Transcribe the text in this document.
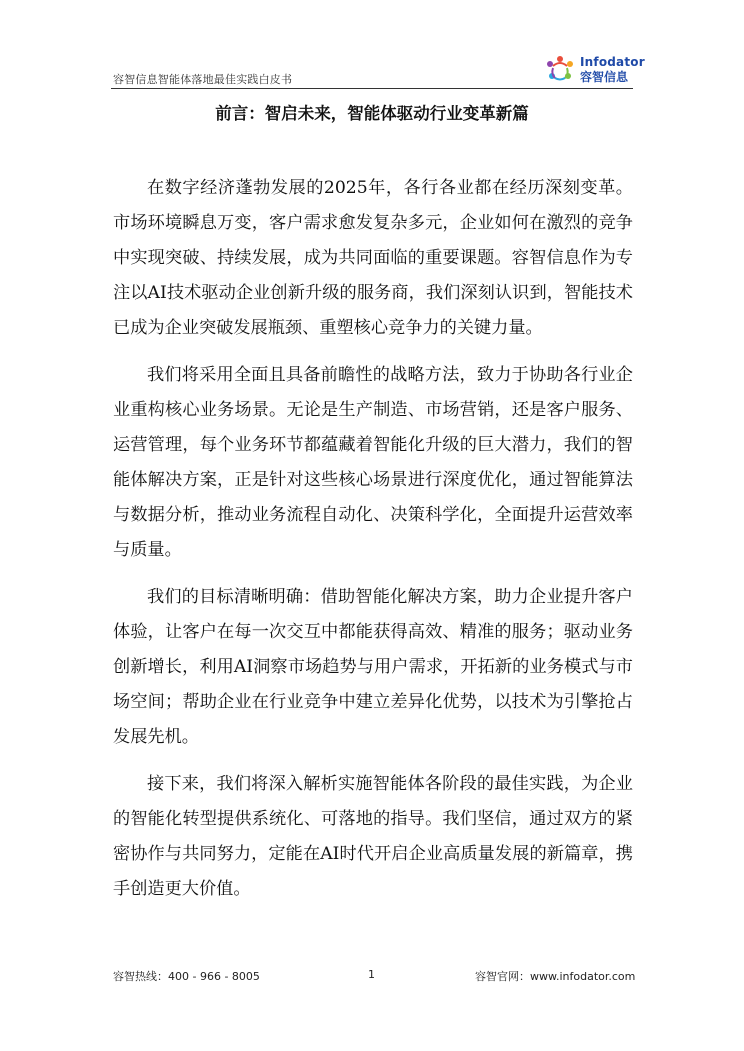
容智信息智能体落地最佳实践白皮书
Infodator
容智信息
前言：智启未来，智能体驱动行业变革新篇

在数字经济蓬勃发展的2025年，各行各业都在经历深刻变革。市场环境瞬息万变，客户需求愈发复杂多元，企业如何在激烈的竞争中实现突破、持续发展，成为共同面临的重要课题。容智信息作为专注以AI技术驱动企业创新升级的服务商，我们深刻认识到，智能技术已成为企业突破发展瓶颈、重塑核心竞争力的关键力量。

我们将采用全面且具备前瞻性的战略方法，致力于协助各行业企业重构核心业务场景。无论是生产制造、市场营销，还是客户服务、运营管理，每个业务环节都蕴藏着智能化升级的巨大潜力，我们的智能体解决方案，正是针对这些核心场景进行深度优化，通过智能算法与数据分析，推动业务流程自动化、决策科学化，全面提升运营效率与质量。

我们的目标清晰明确：借助智能化解决方案，助力企业提升客户体验，让客户在每一次交互中都能获得高效、精准的服务；驱动业务创新增长，利用AI洞察市场趋势与用户需求，开拓新的业务模式与市场空间；帮助企业在行业竞争中建立差异化优势，以技术为引擎抢占发展先机。

接下来，我们将深入解析实施智能体各阶段的最佳实践，为企业的智能化转型提供系统化、可落地的指导。我们坚信，通过双方的紧密协作与共同努力，定能在AI时代开启企业高质量发展的新篇章，携手创造更大价值。

容智热线：400 - 966 - 8005	1	容智官网：www.infodator.com
